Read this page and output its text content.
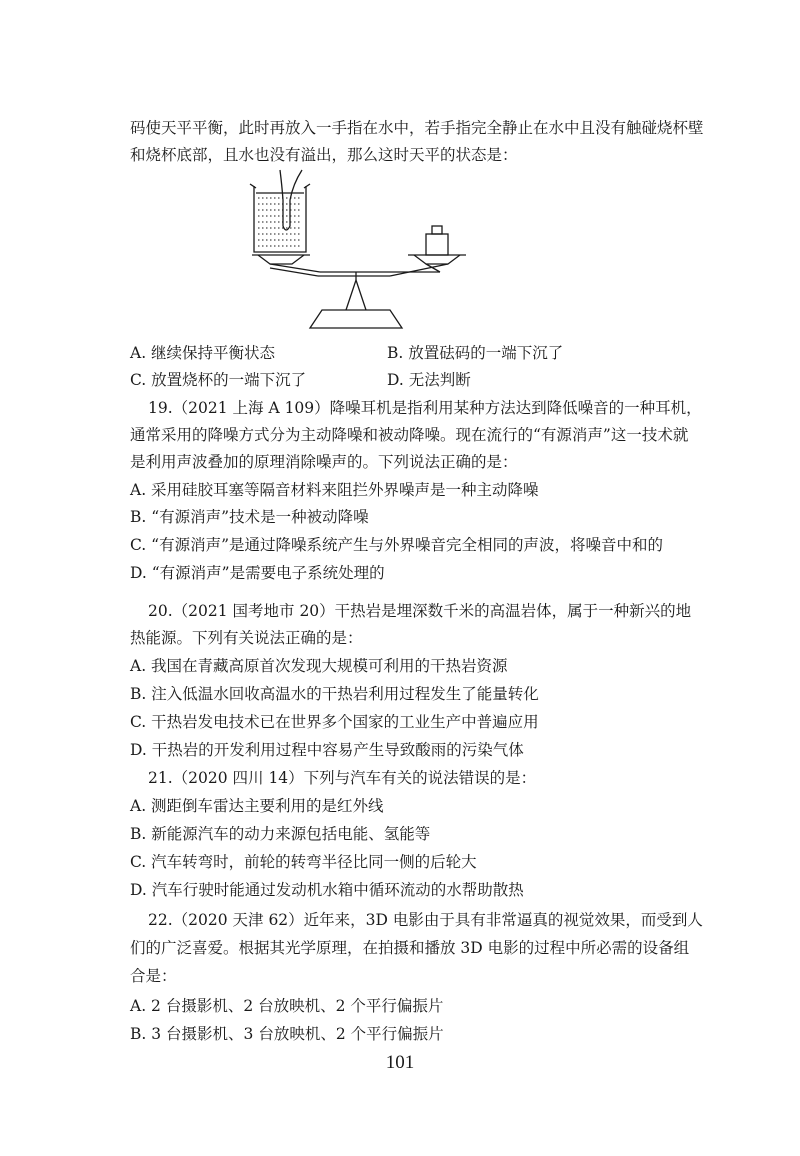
码使天平平衡，此时再放入一手指在水中，若手指完全静止在水中且没有触碰烧杯壁
和烧杯底部，且水也没有溢出，那么这时天平的状态是：
A. 继续保持平衡状态	B. 放置砝码的一端下沉了
C. 放置烧杯的一端下沉了	D. 无法判断
19.（2021 上海 A 109）降噪耳机是指利用某种方法达到降低噪音的一种耳机，
通常采用的降噪方式分为主动降噪和被动降噪。现在流行的“有源消声”这一技术就
是利用声波叠加的原理消除噪声的。下列说法正确的是：
A. 采用硅胶耳塞等隔音材料来阻拦外界噪声是一种主动降噪
B. “有源消声”技术是一种被动降噪
C. “有源消声”是通过降噪系统产生与外界噪音完全相同的声波，将噪音中和的
D. “有源消声”是需要电子系统处理的
20.（2021 国考地市 20）干热岩是埋深数千米的高温岩体，属于一种新兴的地
热能源。下列有关说法正确的是：
A. 我国在青藏高原首次发现大规模可利用的干热岩资源
B. 注入低温水回收高温水的干热岩利用过程发生了能量转化
C. 干热岩发电技术已在世界多个国家的工业生产中普遍应用
D. 干热岩的开发利用过程中容易产生导致酸雨的污染气体
21.（2020 四川 14）下列与汽车有关的说法错误的是：
A. 测距倒车雷达主要利用的是红外线
B. 新能源汽车的动力来源包括电能、氢能等
C. 汽车转弯时，前轮的转弯半径比同一侧的后轮大
D. 汽车行驶时能通过发动机水箱中循环流动的水帮助散热
22.（2020 天津 62）近年来，3D 电影由于具有非常逼真的视觉效果，而受到人
们的广泛喜爱。根据其光学原理，在拍摄和播放 3D 电影的过程中所必需的设备组
合是：
A. 2 台摄影机、2 台放映机、2 个平行偏振片
B. 3 台摄影机、3 台放映机、2 个平行偏振片
101
